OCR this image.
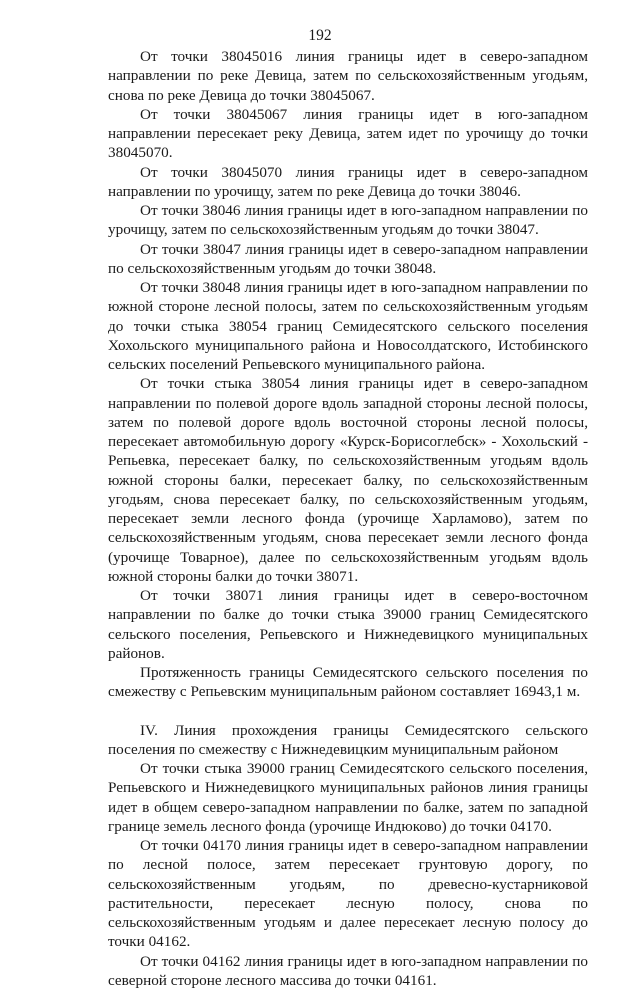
192

От точки 38045016 линия границы идет в северо-западном направлении по реке Девица, затем по сельскохозяйственным угодьям, снова по реке Девица до точки 38045067.

От точки 38045067 линия границы идет в юго-западном направлении пересекает реку Девица, затем идет по урочищу до точки 38045070.

От точки 38045070 линия границы идет в северо-западном направлении по урочищу, затем по реке Девица до точки 38046.

От точки 38046 линия границы идет в юго-западном направлении по урочищу, затем по сельскохозяйственным угодьям до точки 38047.

От точки 38047 линия границы идет в северо-западном направлении по сельскохозяйственным угодьям до точки 38048.

От точки 38048 линия границы идет в юго-западном направлении по южной стороне лесной полосы, затем по сельскохозяйственным угодьям до точки стыка 38054 границ Семидесятского сельского поселения Хохольского муниципального района и Новосолдатского, Истобинского сельских поселений Репьевского муниципального района.

От точки стыка 38054 линия границы идет в северо-западном направлении по полевой дороге вдоль западной стороны лесной полосы, затем по полевой дороге вдоль восточной стороны лесной полосы, пересекает автомобильную дорогу «Курск-Борисоглебск» - Хохольский - Репьевка, пересекает балку, по сельскохозяйственным угодьям вдоль южной стороны балки, пересекает балку, по сельскохозяйственным угодьям, снова пересекает балку, по сельскохозяйственным угодьям, пересекает земли лесного фонда (урочище Харламово), затем по сельскохозяйственным угодьям, снова пересекает земли лесного фонда (урочище Товарное), далее по сельскохозяйственным угодьям вдоль южной стороны балки до точки 38071.

От точки 38071 линия границы идет в северо-восточном направлении по балке до точки стыка 39000 границ Семидесятского сельского поселения, Репьевского и Нижнедевицкого муниципальных районов.

Протяженность границы Семидесятского сельского поселения по смежеству с Репьевским муниципальным районом составляет 16943,1 м.

IV. Линия прохождения границы Семидесятского сельского поселения по смежеству с Нижнедевицким муниципальным районом

От точки стыка 39000 границ Семидесятского сельского поселения, Репьевского и Нижнедевицкого муниципальных районов линия границы идет в общем северо-западном направлении по балке, затем по западной границе земель лесного фонда (урочище Индюково) до точки 04170.

От точки 04170 линия границы идет в северо-западном направлении по лесной полосе, затем пересекает грунтовую дорогу, по сельскохозяйственным угодьям, по древесно-кустарниковой растительности, пересекает лесную полосу, снова по сельскохозяйственным угодьям и далее пересекает лесную полосу до точки 04162.

От точки 04162 линия границы идет в юго-западном направлении по северной стороне лесного массива до точки 04161.
